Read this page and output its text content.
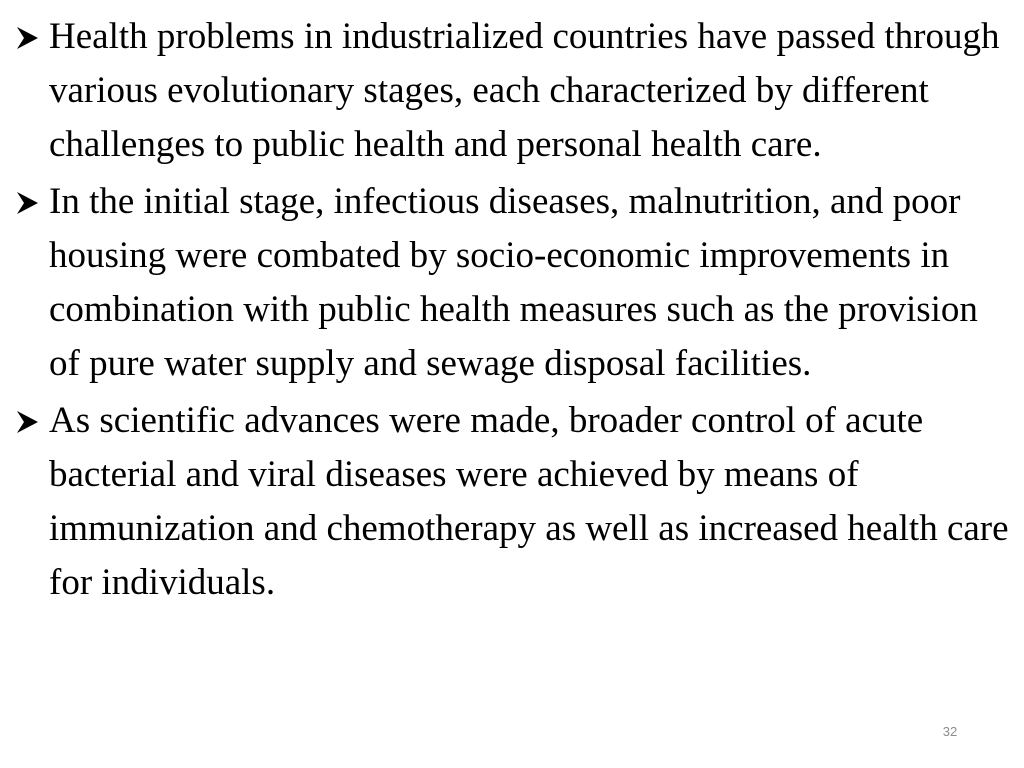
Health problems in industrialized countries have passed through various evolutionary stages, each characterized by different challenges to public health and personal health care.
In the initial stage, infectious diseases, malnutrition, and poor housing were combated by socio-economic improvements in combination with public health measures such as the provision of pure water supply and sewage disposal facilities.
As scientific advances were made, broader control of acute bacterial and viral diseases were achieved by means of immunization and chemotherapy as well as increased health care for individuals.
32
